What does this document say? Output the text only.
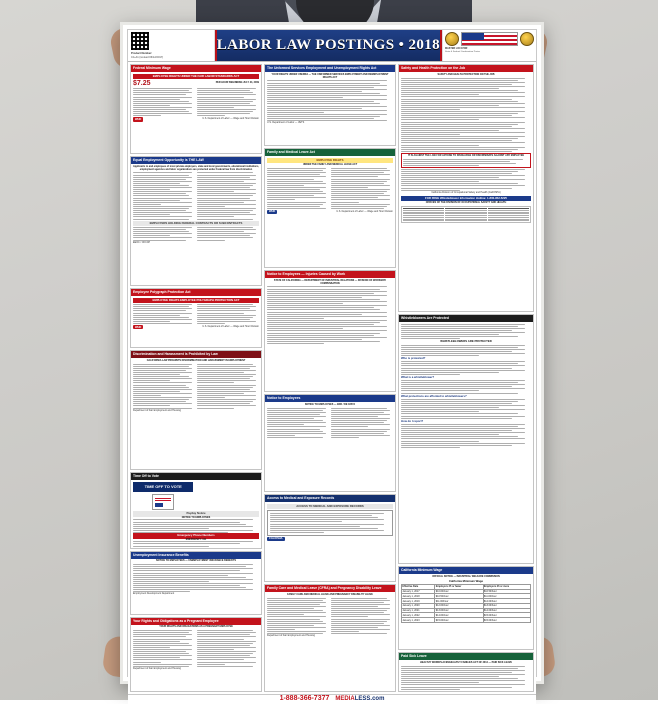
Product Number:
CA-A1 (revised 06/12/2017)
LABOR LAW POSTINGS • 2018 MASTER LOCATOR
State & Federal Combination Poster
Federal Minimum Wage
EMPLOYEE RIGHTS UNDER THE FAIR LABOR STANDARDS ACT
$7.25	PER HOUR BEGINNING JULY 24, 2009
WHD	U.S. Department of Labor — Wage and Hour Division
Equal Employment Opportunity is THE LAW
Applicants to and employees of most private employers, state and local governments, educational institutions, employment agencies and labor organizations are protected under Federal law from discrimination
EMPLOYERS HOLDING FEDERAL CONTRACTS OR SUBCONTRACTS
EEOC / OFCCP
Employee Polygraph Protection Act
EMPLOYEE RIGHTS EMPLOYEE POLYGRAPH PROTECTION ACT
WHD	U.S. Department of Labor — Wage and Hour Division
Discrimination and Harassment is Prohibited by Law
CALIFORNIA LAW PROHIBITS DISCRIMINATION AND HARASSMENT IN EMPLOYMENT
Department of Fair Employment and Housing
Time Off to Vote
TIME OFF TO VOTE
Payday Notice
NOTICE TO EMPLOYEES
Emergency Phone Numbers
EMERGENCY: 911
Unemployment Insurance Benefits
NOTICE TO EMPLOYEES — UNEMPLOYMENT INSURANCE BENEFITS
Employment Development Department
Your Rights and Obligations as a Pregnant Employee
YOUR RIGHTS AND OBLIGATIONS AS A PREGNANT EMPLOYEE
Department of Fair Employment and Housing
The Unformed Services Employment and Unemployment Rights Act
YOUR RIGHTS UNDER USERRA — THE UNIFORMED SERVICES EMPLOYMENT AND REEMPLOYMENT RIGHTS ACT
U.S. Department of Labor — VETS
Family and Medical Leave Act
EMPLOYEE RIGHTS
UNDER THE FAMILY AND MEDICAL LEAVE ACT
WHD	U.S. Department of Labor — Wage and Hour Division
Notice to Employees — Injuries Caused by Work
STATE OF CALIFORNIA — DEPARTMENT OF INDUSTRIAL RELATIONS — DIVISION OF WORKERS' COMPENSATION
Notice to Employees
NOTICE TO EMPLOYEES — EDD / DE 1857A
Access to Medical and Exposure Records
ACCESS TO MEDICAL AND EXPOSURE RECORDS
CAL/OSHA
Family Care and Medical Leave (CFRA) and Pregnancy Disability Leave
FAMILY CARE AND MEDICAL LEAVE AND PREGNANCY DISABILITY LEAVE
Department of Fair Employment and Housing
Safety and Health Protection on the Job
SAFETY AND HEALTH PROTECTION ON THE JOB
IT IS AGAINST THE LAW FOR ANYONE TO DISCHARGE OR DISCRIMINATE AGAINST ANY EMPLOYEE
California Division of Occupational Safety and Health (Cal/OSHA)
FOR FREE Whistleblower Information Hotline: 1-800-952-5225
OFFICES OF THE DIVISION OF OCCUPATIONAL SAFETY AND HEALTH
Whistleblowers Are Protected
WHISTLEBLOWERS ARE PROTECTED
Who is protected?
What is a whistleblower?
What protections are afforded to whistleblowers?
How do I report?
California Minimum Wage
OFFICIAL NOTICE — INDUSTRIAL WELFARE COMMISSION
California Minimum Wage
Effective Date	Employers 25 or fewer	Employers 26 or more
January 1, 2017	$10.00/hour	$10.50/hour
January 1, 2018	$10.50/hour	$11.00/hour
January 1, 2019	$11.00/hour	$12.00/hour
January 1, 2020	$12.00/hour	$13.00/hour
January 1, 2021	$13.00/hour	$14.00/hour
January 1, 2022	$14.00/hour	$15.00/hour
January 1, 2023	$15.00/hour	$15.00/hour
Paid Sick Leave
HEALTHY WORKPLACES/HEALTHY FAMILIES ACT OF 2014 — PAID SICK LEAVE
1-888-366-7377 MEDIALESS.com
